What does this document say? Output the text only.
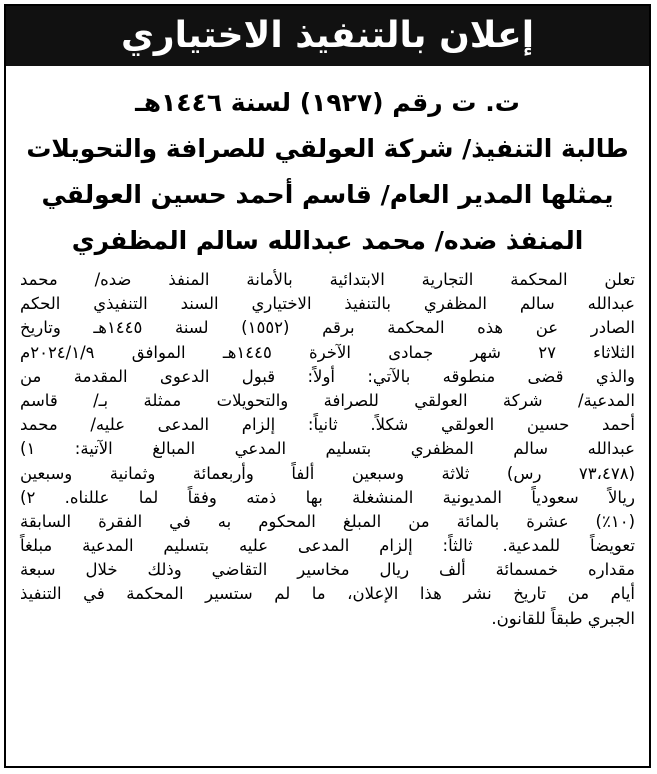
إعلان بالتنفيذ الاختياري
ت. ت رقم (١٩٢٧) لسنة ١٤٤٦هـ
طالبة التنفيذ/ شركة العولقي للصرافة والتحويلات
يمثلها المدير العام/ قاسم أحمد حسين العولقي
المنفذ ضده/ محمد عبدالله سالم المظفري
تعلن المحكمة التجارية الابتدائية بالأمانة المنفذ ضده/ محمد
عبدالله سالم المظفري بالتنفيذ الاختياري السند التنفيذي الحكم
الصادر عن هذه المحكمة برقم (١٥٥٢) لسنة ١٤٤٥هـ وتاريخ
الثلاثاء ٢٧ شهر جمادى الآخرة ١٤٤٥هـ الموافق ٢٠٢٤/١/٩م
والذي قضى منطوقه بالآتي: أولاً: قبول الدعوى المقدمة من
المدعية/ شركة العولقي للصرافة والتحويلات ممثلة بـ/ قاسم
أحمد حسين العولقي شكلاً. ثانياً: إلزام المدعى عليه/ محمد
عبدالله سالم المظفري بتسليم المدعي المبالغ الآتية: ١)
(٧٣،٤٧٨ رس) ثلاثة وسبعين ألفاً وأربعمائة وثمانية وسبعين
ريالاً سعودياً المديونية المنشغلة بها ذمته وفقاً لما عللناه. ٢)
(١٠٪) عشرة بالمائة من المبلغ المحكوم به في الفقرة السابقة
تعويضاً للمدعية. ثالثاً: إلزام المدعى عليه بتسليم المدعية مبلغاً
مقداره خمسمائة ألف ريال مخاسير التقاضي وذلك خلال سبعة
أيام من تاريخ نشر هذا الإعلان، ما لم ستسير المحكمة في التنفيذ
الجبري طبقاً للقانون.
